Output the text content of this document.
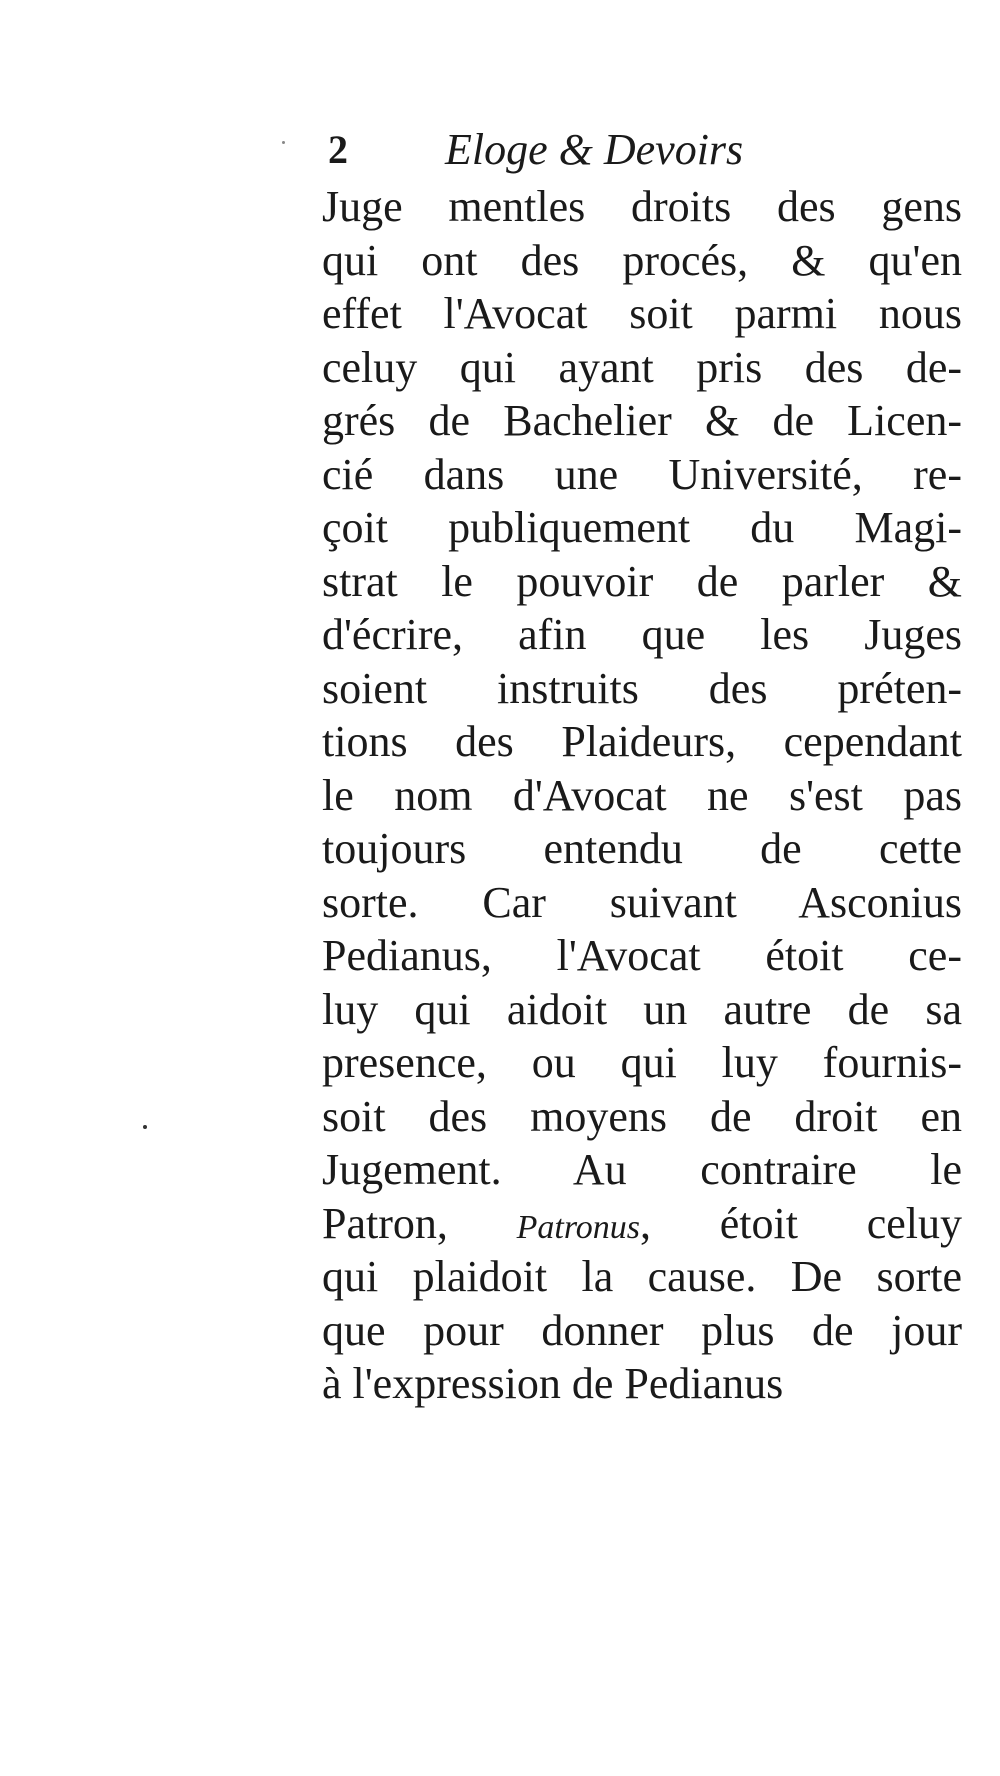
2 Eloge & Devoirs
Juge mentles droits des gens
qui ont des procés, & qu'en
effet l'Avocat soit parmi nous
celuy qui ayant pris des de-
grés de Bachelier & de Licen-
cié dans une Université, re-
çoit publiquement du Magi-
strat le pouvoir de parler &
d'écrire, afin que les Juges
soient instruits des préten-
tions des Plaideurs, cependant
le nom d'Avocat ne s'est pas
toujours entendu de cette
sorte. Car suivant Asconius
Pedianus, l'Avocat étoit ce-
luy qui aidoit un autre de sa
presence, ou qui luy fournis-
soit des moyens de droit en
Jugement. Au contraire le
Patron, Patronus, étoit celuy
qui plaidoit la cause. De sorte
que pour donner plus de jour
à l'expression de Pedianus
